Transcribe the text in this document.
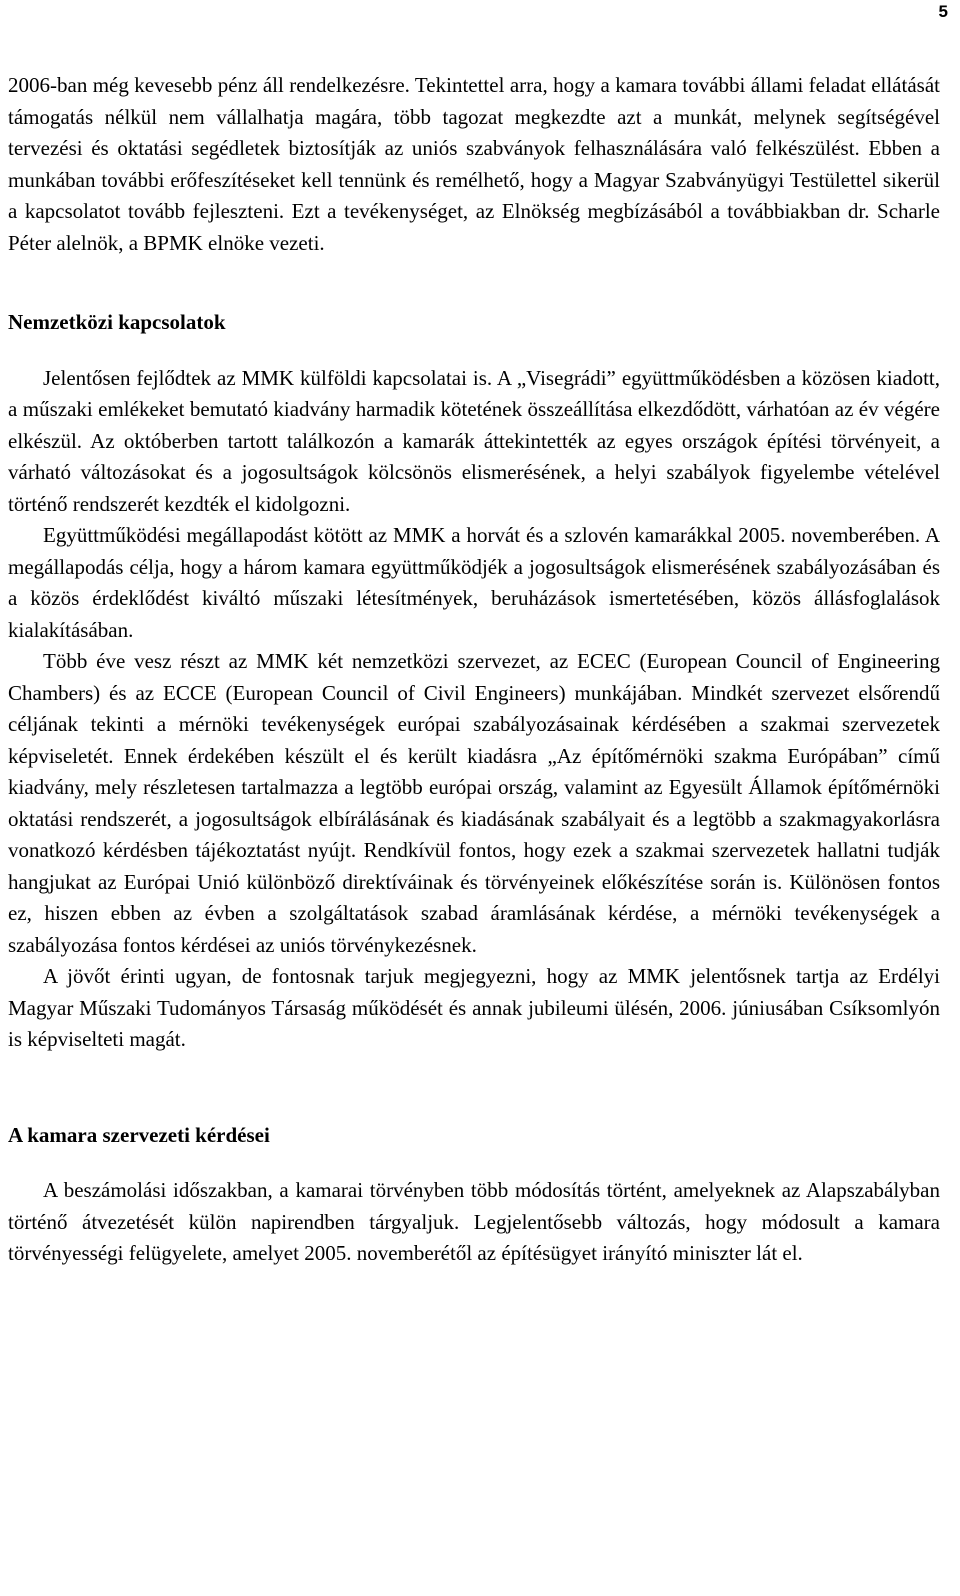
5

2006-ban még kevesebb pénz áll rendelkezésre. Tekintettel arra, hogy a kamara további állami feladat ellátását támogatás nélkül nem vállalhatja magára, több tagozat megkezdte azt a munkát, melynek segítségével tervezési és oktatási segédletek biztosítják az uniós szabványok felhasználására való felkészülést. Ebben a munkában további erőfeszítéseket kell tennünk és remélhető, hogy a Magyar Szabványügyi Testülettel sikerül a kapcsolatot tovább fejleszteni. Ezt a tevékenységet, az Elnökség megbízásából a továbbiakban dr. Scharle Péter alelnök, a BPMK elnöke vezeti.

Nemzetközi kapcsolatok

Jelentősen fejlődtek az MMK külföldi kapcsolatai is. A „Visegrádi” együttműködésben a közösen kiadott, a műszaki emlékeket bemutató kiadvány harmadik kötetének összeállítása elkezdődött, várhatóan az év végére elkészül. Az októberben tartott találkozón a kamarák áttekintették az egyes országok építési törvényeit, a várható változásokat és a jogosultságok kölcsönös elismerésének, a helyi szabályok figyelembe vételével történő rendszerét kezdték el kidolgozni.

Együttműködési megállapodást kötött az MMK a horvát és a szlovén kamarákkal 2005. novemberében. A megállapodás célja, hogy a három kamara együttműködjék a jogosultságok elismerésének szabályozásában és a közös érdeklődést kiváltó műszaki létesítmények, beruházások ismertetésében, közös állásfoglalások kialakításában.

Több éve vesz részt az MMK két nemzetközi szervezet, az ECEC (European Council of Engineering Chambers) és az ECCE (European Council of Civil Engineers) munkájában. Mindkét szervezet elsőrendű céljának tekinti a mérnöki tevékenységek európai szabályozásainak kérdésében a szakmai szervezetek képviseletét. Ennek érdekében készült el és került kiadásra „Az építőmérnöki szakma Európában” című kiadvány, mely részletesen tartalmazza a legtöbb európai ország, valamint az Egyesült Államok építőmérnöki oktatási rendszerét, a jogosultságok elbírálásának és kiadásának szabályait és a legtöbb a szakmagyakorlásra vonatkozó kérdésben tájékoztatást nyújt. Rendkívül fontos, hogy ezek a szakmai szervezetek hallatni tudják hangjukat az Európai Unió különböző direktíváinak és törvényeinek előkészítése során is. Különösen fontos ez, hiszen ebben az évben a szolgáltatások szabad áramlásának kérdése, a mérnöki tevékenységek a szabályozása fontos kérdései az uniós törvénykezésnek.

A jövőt érinti ugyan, de fontosnak tarjuk megjegyezni, hogy az MMK jelentősnek tartja az Erdélyi Magyar Műszaki Tudományos Társaság működését és annak jubileumi ülésén, 2006. júniusában Csíksomlyón is képviselteti magát.

A kamara szervezeti kérdései

A beszámolási időszakban, a kamarai törvényben több módosítás történt, amelyeknek az Alapszabályban történő átvezetését külön napirendben tárgyaljuk. Legjelentősebb változás, hogy módosult a kamara törvényességi felügyelete, amelyet 2005. novemberétől az építésügyet irányító miniszter lát el.
